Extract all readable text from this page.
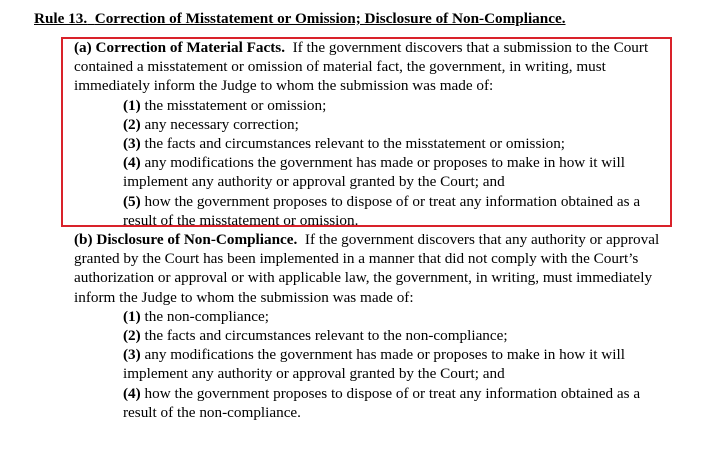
Rule 13. Correction of Misstatement or Omission; Disclosure of Non-Compliance.

(a) Correction of Material Facts. If the government discovers that a submission to the Court contained a misstatement or omission of material fact, the government, in writing, must immediately inform the Judge to whom the submission was made of:

(1) the misstatement or omission;
(2) any necessary correction;
(3) the facts and circumstances relevant to the misstatement or omission;
(4) any modifications the government has made or proposes to make in how it will implement any authority or approval granted by the Court; and
(5) how the government proposes to dispose of or treat any information obtained as a result of the misstatement or omission.

(b) Disclosure of Non-Compliance. If the government discovers that any authority or approval granted by the Court has been implemented in a manner that did not comply with the Court’s authorization or approval or with applicable law, the government, in writing, must immediately inform the Judge to whom the submission was made of:

(1) the non-compliance;
(2) the facts and circumstances relevant to the non-compliance;
(3) any modifications the government has made or proposes to make in how it will implement any authority or approval granted by the Court; and
(4) how the government proposes to dispose of or treat any information obtained as a result of the non-compliance.
